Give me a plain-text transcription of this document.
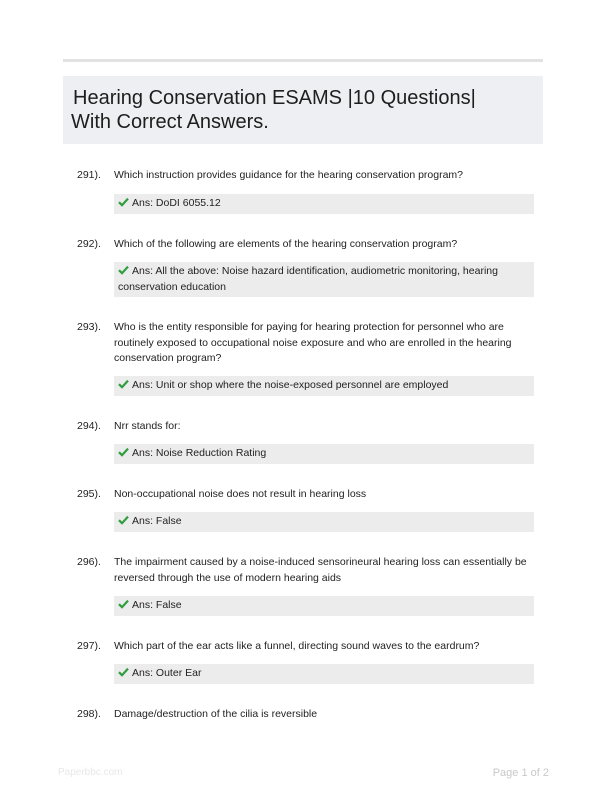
Hearing Conservation ESAMS |10 Questions|
With Correct Answers.
291). Which instruction provides guidance for the hearing conservation program?
Ans: DoDI 6055.12
292). Which of the following are elements of the hearing conservation program?
Ans: All the above: Noise hazard identification, audiometric monitoring, hearing conservation education
293). Who is the entity responsible for paying for hearing protection for personnel who are routinely exposed to occupational noise exposure and who are enrolled in the hearing conservation program?
Ans: Unit or shop where the noise-exposed personnel are employed
294). Nrr stands for:
Ans: Noise Reduction Rating
295). Non-occupational noise does not result in hearing loss
Ans: False
296). The impairment caused by a noise-induced sensorineural hearing loss can essentially be reversed through the use of modern hearing aids
Ans: False
297). Which part of the ear acts like a funnel, directing sound waves to the eardrum?
Ans: Outer Ear
298). Damage/destruction of the cilia is reversible
Paperbbc.com	Page 1 of 2
